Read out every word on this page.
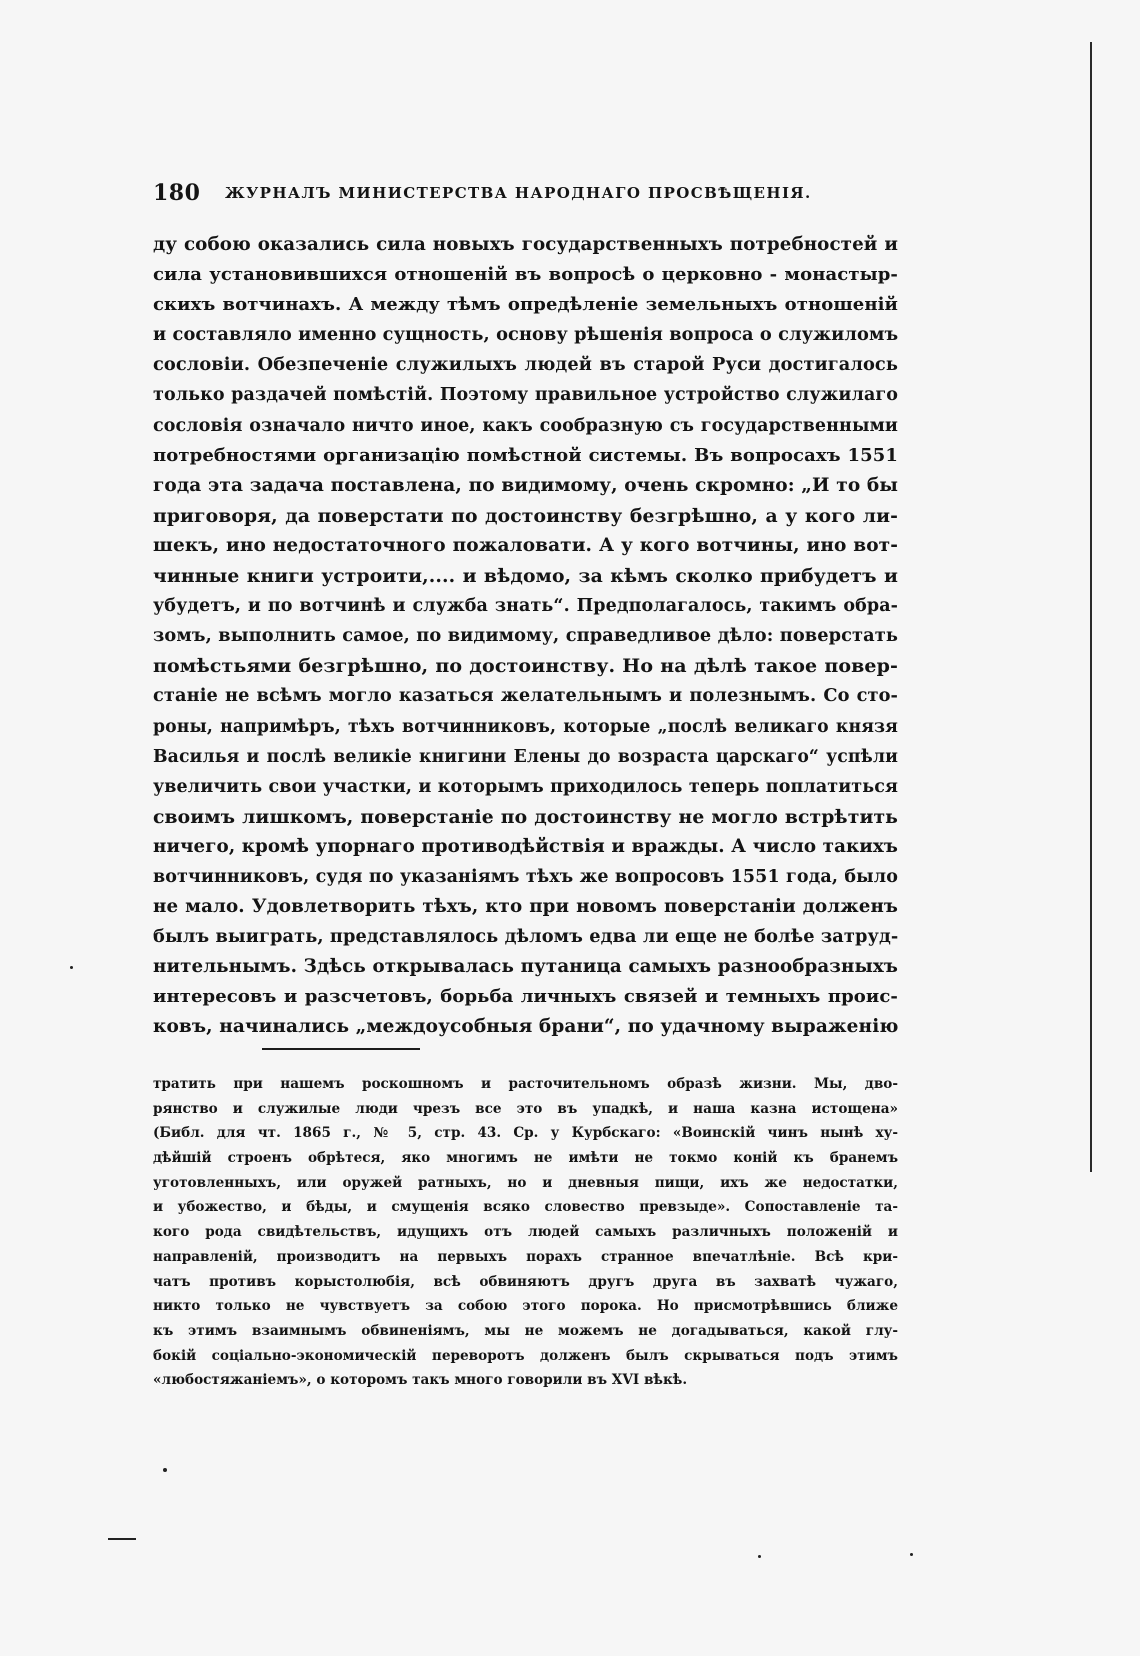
180 ЖУРНАЛЪ МИНИСТЕРСТВА НАРОДНАГО ПРОСВѢЩЕНІЯ.
ду собою оказались сила новыхъ государственныхъ потребностей и
сила установившихся отношеній въ вопросѣ о церковно - монастыр-
скихъ вотчинахъ. А между тѣмъ опредѣленіе земельныхъ отношеній
и составляло именно сущность, основу рѣшенія вопроса о служиломъ
сословіи. Обезпеченіе служилыхъ людей въ старой Руси достигалось
только раздачей помѣстій. Поэтому правильное устройство служилаго
сословія означало ничто иное, какъ сообразную съ государственными
потребностями организацію помѣстной системы. Въ вопросахъ 1551
года эта задача поставлена, по видимому, очень скромно: „И то бы
приговоря, да поверстати по достоинству безгрѣшно, а у кого ли-
шекъ, ино недостаточного пожаловати. А у кого вотчины, ино вот-
чинные книги устроити,.... и вѣдомо, за кѣмъ сколко прибудетъ и
убудетъ, и по вотчинѣ и служба знать“. Предполагалось, такимъ обра-
зомъ, выполнить самое, по видимому, справедливое дѣло: поверстать
помѣстьями безгрѣшно, по достоинству. Но на дѣлѣ такое повер-
станіе не всѣмъ могло казаться желательнымъ и полезнымъ. Со сто-
роны, напримѣръ, тѣхъ вотчинниковъ, которые „послѣ великаго князя
Василья и послѣ великіе книгини Елены до возраста царскаго“ успѣли
увеличить свои участки, и которымъ приходилось теперь поплатиться
своимъ лишкомъ, поверстаніе по достоинству не могло встрѣтить
ничего, кромѣ упорнаго противодѣйствія и вражды. А число такихъ
вотчинниковъ, судя по указаніямъ тѣхъ же вопросовъ 1551 года, было
не мало. Удовлетворить тѣхъ, кто при новомъ поверстаніи долженъ
былъ выиграть, представлялось дѣломъ едва ли еще не болѣе затруд-
нительнымъ. Здѣсь открывалась путаница самыхъ разнообразныхъ
интересовъ и разсчетовъ, борьба личныхъ связей и темныхъ проис-
ковъ, начинались „междоусобныя брани“, по удачному выраженію
тратить при нашемъ роскошномъ и расточительномъ образѣ жизни. Мы, дво-
рянство и служилые люди чрезъ все это въ упадкѣ, и наша казна истощена»
(Библ. для чт. 1865 г., № 5, стр. 43. Ср. у Курбскаго: «Воинскій чинъ нынѣ ху-
дѣйшій строенъ обрѣтеся, яко многимъ не имѣти не токмо коній къ бранемъ
уготовленныхъ, или оружей ратныхъ, но и дневныя пищи, ихъ же недостатки,
и убожество, и бѣды, и смущенія всяко словество превзыде». Сопоставленіе та-
кого рода свидѣтельствъ, идущихъ отъ людей самыхъ различныхъ положеній и
направленій, производитъ на первыхъ порахъ странное впечатлѣніе. Всѣ кри-
чатъ противъ корыстолюбія, всѣ обвиняютъ другъ друга въ захватѣ чужаго,
никто только не чувствуетъ за собою этого порока. Но присмотрѣвшись ближе
къ этимъ взаимнымъ обвиненіямъ, мы не можемъ не догадываться, какой глу-
бокій соціально-экономическій переворотъ долженъ былъ скрываться подъ этимъ
«любостяжаніемъ», о которомъ такъ много говорили въ XVI вѣкѣ.
